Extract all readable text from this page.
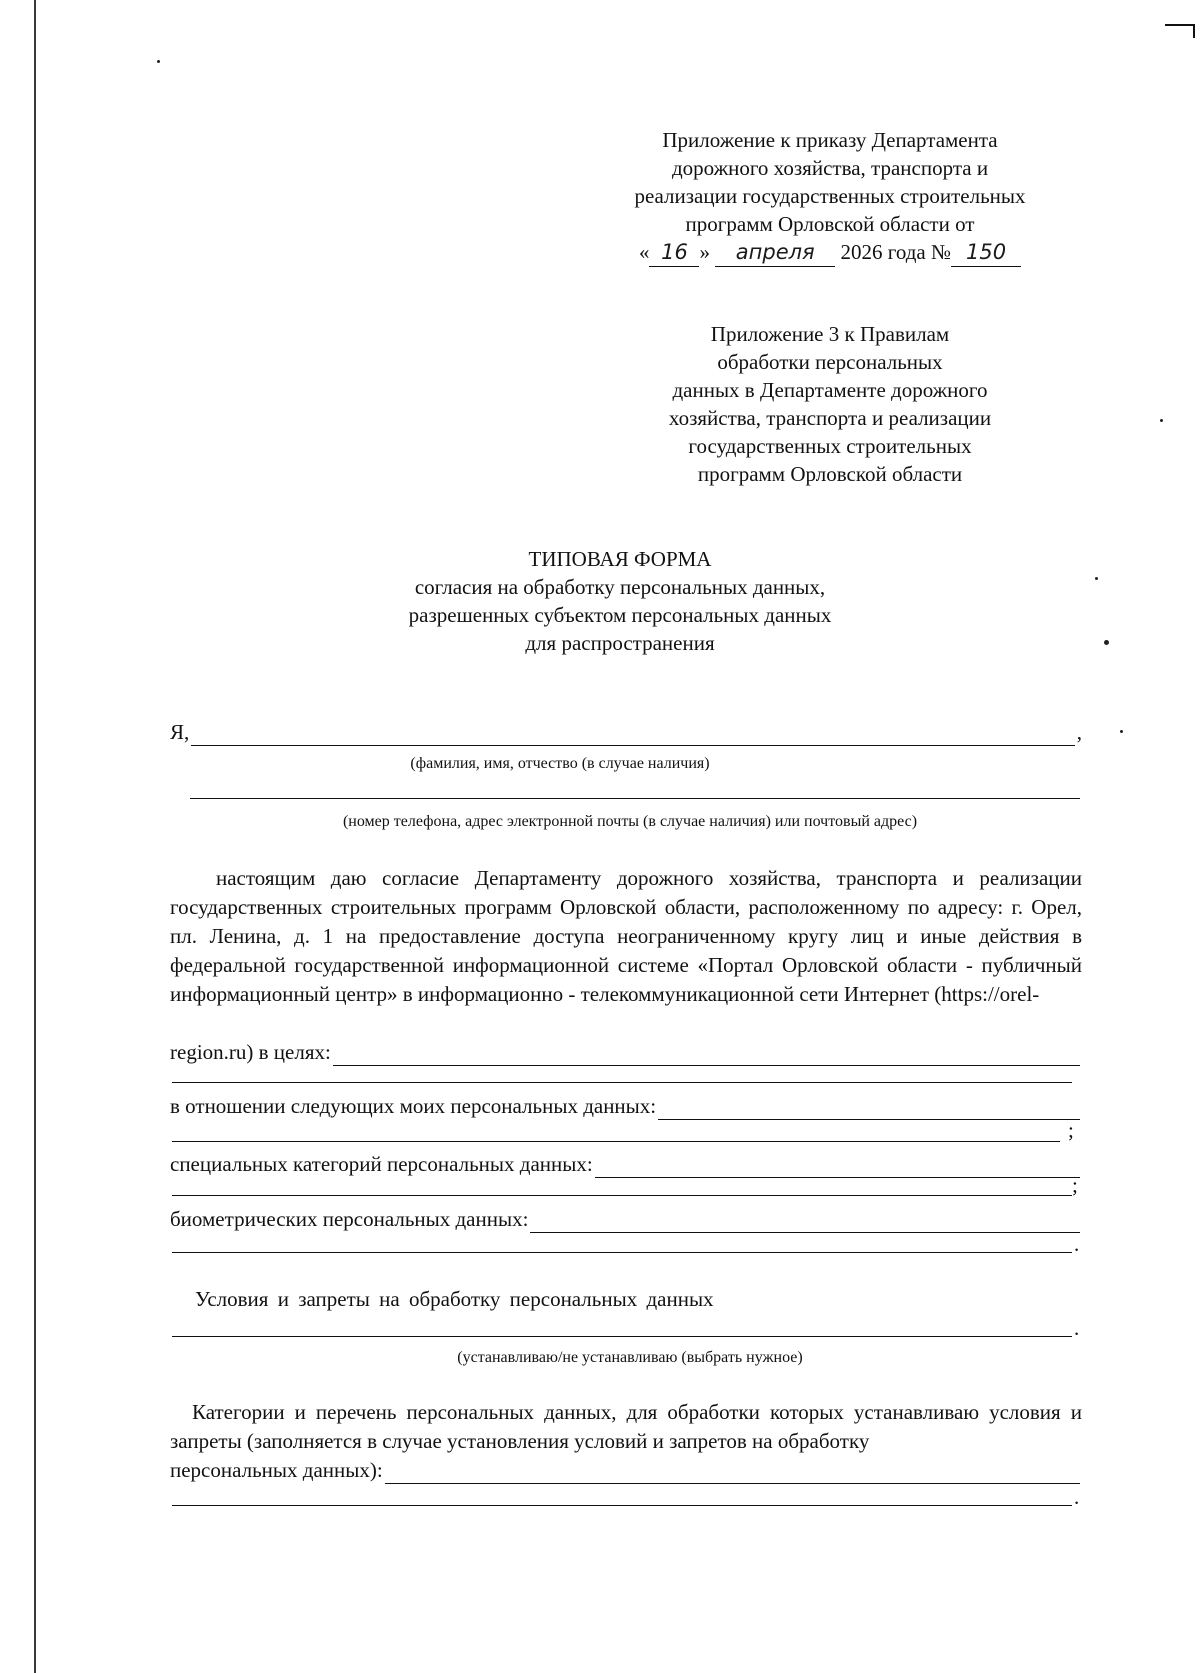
Приложение к приказу Департамента
дорожного хозяйства, транспорта и
реализации государственных строительных
программ Орловской области от
« 16 » апреля 2026 года № 150
Приложение 3 к Правилам
обработки персональных
данных в Департаменте дорожного
хозяйства, транспорта и реализации
государственных строительных
программ Орловской области
ТИПОВАЯ ФОРМА
согласия на обработку персональных данных,
разрешенных субъектом персональных данных
для распространения
Я,	,
(фамилия, имя, отчество (в случае наличия)
(номер телефона, адрес электронной почты (в случае наличия) или почтовый адрес)
настоящим даю согласие Департаменту дорожного хозяйства, транспорта и реализации государственных строительных программ Орловской области, расположенному по адресу: г. Орел, пл. Ленина, д. 1 на предоставление доступа неограниченному кругу лиц и иные действия в федеральной государственной информационной системе «Портал Орловской области - публичный информационный центр» в информационно - телекоммуникационной сети Интернет (https://orel-
region.ru) в целях:
в отношении следующих моих персональных данных:
;
специальных категорий персональных данных:
;
биометрических персональных данных:
.
Условия и запреты на обработку персональных данных
.
(устанавливаю/не устанавливаю (выбрать нужное)
Категории и перечень персональных данных, для обработки которых устанавливаю условия и запреты (заполняется в случае установления условий и запретов на обработку
персональных данных):
.
